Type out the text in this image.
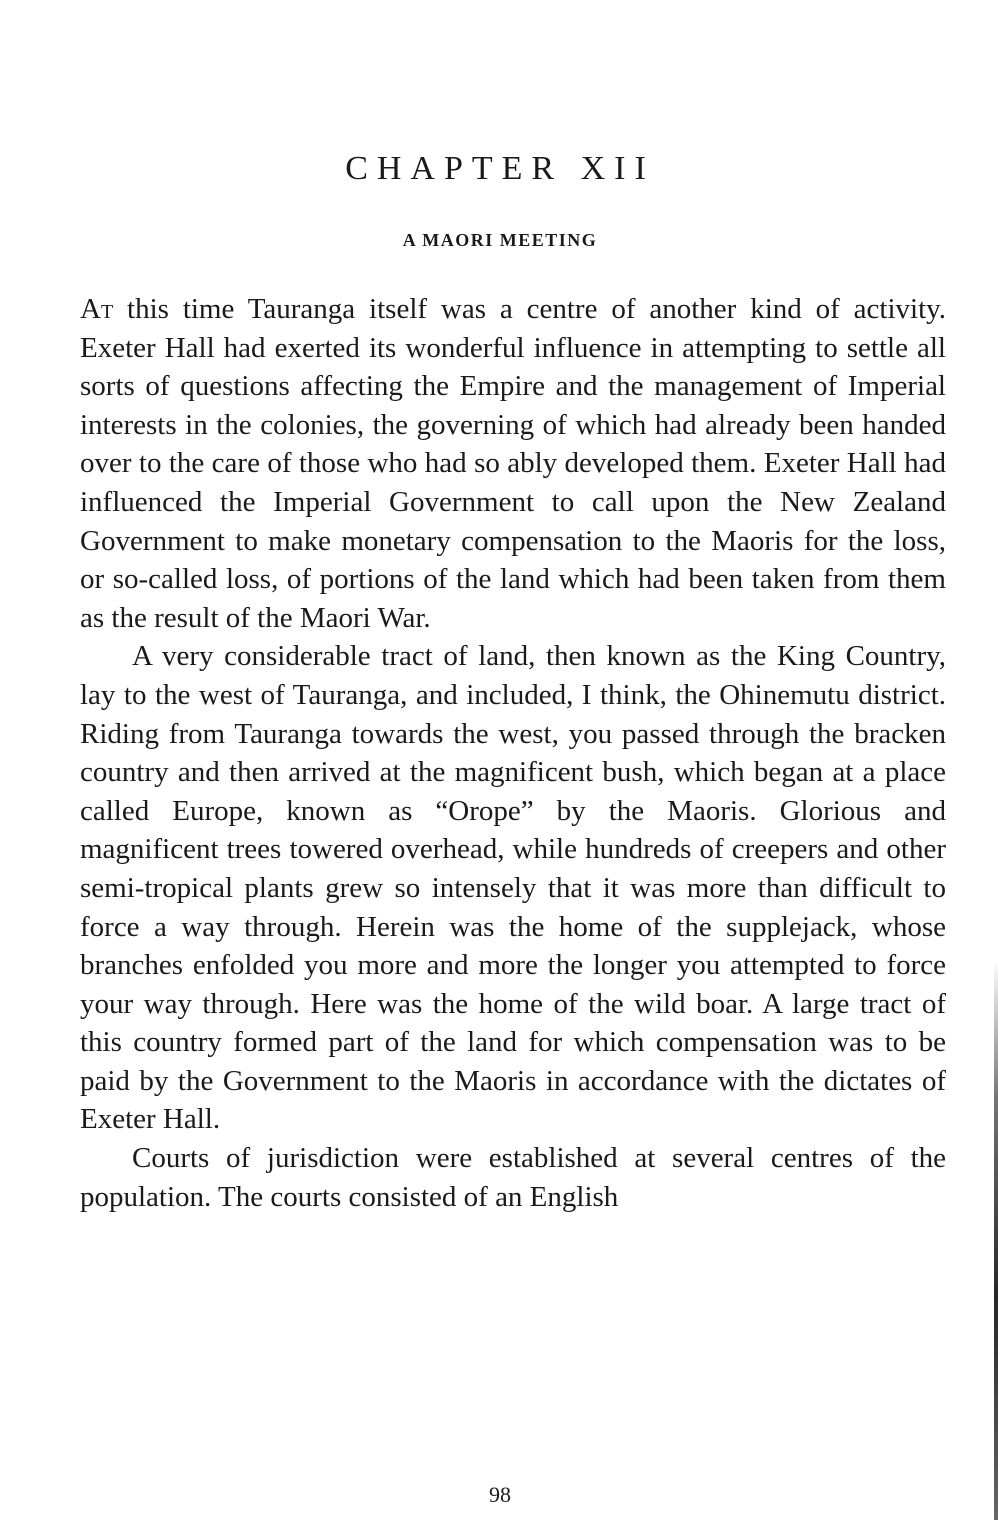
CHAPTER XII
A MAORI MEETING

At this time Tauranga itself was a centre of another kind of activity. Exeter Hall had exerted its wonderful influence in attempting to settle all sorts of questions affecting the Empire and the management of Imperial interests in the colonies, the governing of which had already been handed over to the care of those who had so ably developed them. Exeter Hall had influenced the Imperial Government to call upon the New Zealand Government to make monetary compensation to the Maoris for the loss, or so-called loss, of portions of the land which had been taken from them as the result of the Maori War.

A very considerable tract of land, then known as the King Country, lay to the west of Tauranga, and included, I think, the Ohinemutu district. Riding from Tauranga towards the west, you passed through the bracken country and then arrived at the magnificent bush, which began at a place called Europe, known as “Orope” by the Maoris. Glorious and magnificent trees towered overhead, while hundreds of creepers and other semi-tropical plants grew so intensely that it was more than difficult to force a way through. Herein was the home of the supplejack, whose branches enfolded you more and more the longer you attempted to force your way through. Here was the home of the wild boar. A large tract of this country formed part of the land for which compensation was to be paid by the Government to the Maoris in accordance with the dictates of Exeter Hall.

Courts of jurisdiction were established at several centres of the population. The courts consisted of an English

98
